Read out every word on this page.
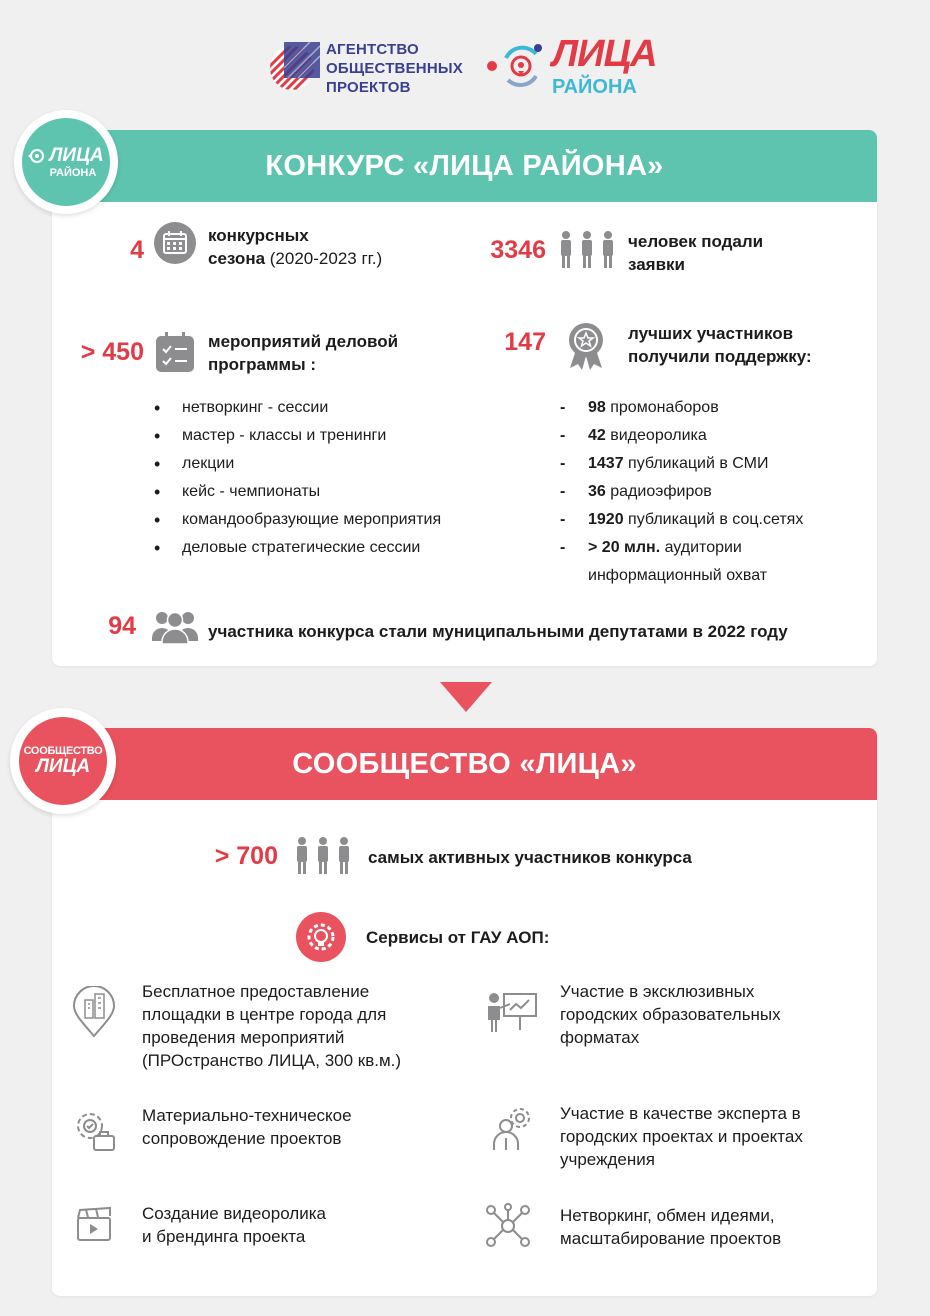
АГЕНТСТВО
ОБЩЕСТВЕННЫХ
ПРОЕКТОВ
ЛИЦА
РАЙОНА
КОНКУРС «ЛИЦА РАЙОНА»
ЛИЦА
РАЙОНА
4
конкурсных
сезона (2020-2023 гг.)	3346	человек подали
заявки
> 450	мероприятий деловой
программы :
• нетворкинг - сессии
• мастер - классы и тренинги
• лекции
• кейс - чемпионаты
• командообразующие мероприятия
• деловые стратегические сессии
147	лучших участников
получили поддержку:
- 98 промонаборов
- 42 видеоролика
- 1437 публикаций в СМИ
- 36 радиоэфиров
- 1920 публикаций в соц.сетях
- > 20 млн. аудитории
информационный охват
94	участника конкурса стали муниципальными депутатами в 2022 году
СООБЩЕСТВО «ЛИЦА»
СООБЩЕСТВО
ЛИЦА
> 700	самых активных участников конкурса
Сервисы от ГАУ АОП:
Бесплатное предоставление
площадки в центре города для
проведения мероприятий
(ПРОстранство ЛИЦА, 300 кв.м.)
Участие в эксклюзивных
городских образовательных
форматах
Материально-техническое
сопровождение проектов
Участие в качестве эксперта в
городских проектах и проектах
учреждения
Создание видеоролика
и брендинга проекта
Нетворкинг, обмен идеями,
масштабирование проектов
